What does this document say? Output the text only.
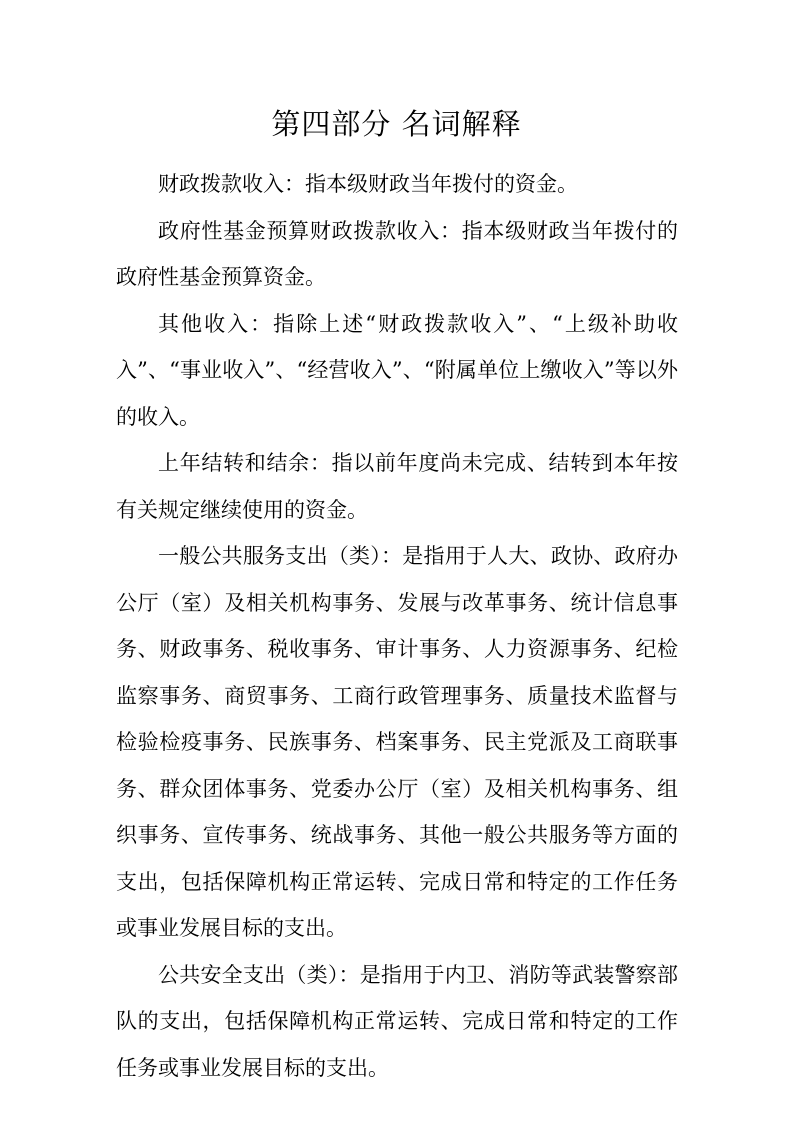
第四部分 名词解释

财政拨款收入：指本级财政当年拨付的资金。

政府性基金预算财政拨款收入：指本级财政当年拨付的政府性基金预算资金。

其他收入：指除上述“财政拨款收入”、“上级补助收入”、“事业收入”、“经营收入”、“附属单位上缴收入”等以外的收入。

上年结转和结余：指以前年度尚未完成、结转到本年按有关规定继续使用的资金。

一般公共服务支出（类）：是指用于人大、政协、政府办公厅（室）及相关机构事务、发展与改革事务、统计信息事务、财政事务、税收事务、审计事务、人力资源事务、纪检监察事务、商贸事务、工商行政管理事务、质量技术监督与检验检疫事务、民族事务、档案事务、民主党派及工商联事务、群众团体事务、党委办公厅（室）及相关机构事务、组织事务、宣传事务、统战事务、其他一般公共服务等方面的支出，包括保障机构正常运转、完成日常和特定的工作任务或事业发展目标的支出。

公共安全支出（类）：是指用于内卫、消防等武装警察部队的支出，包括保障机构正常运转、完成日常和特定的工作任务或事业发展目标的支出。
